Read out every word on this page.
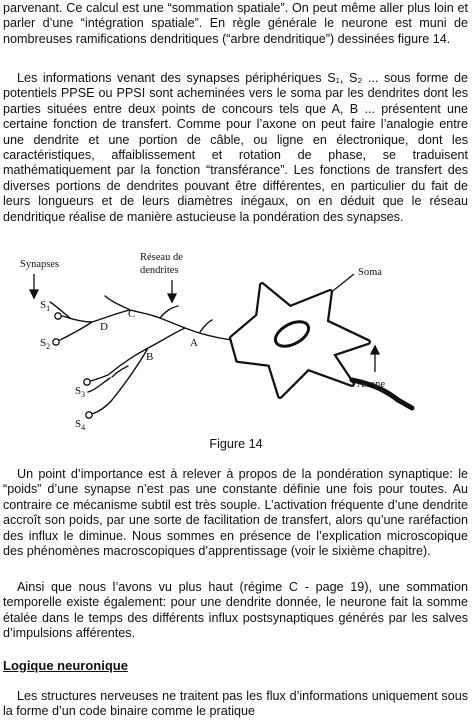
parvenant. Ce calcul est une “sommation spatiale”. On peut même aller plus loin et parler d’une “intégration spatiale”. En règle générale le neurone est muni de nombreuses ramifications dendritiques (“arbre dendritique”) dessinées figure 14.

Les informations venant des synapses périphériques S₁, S₂ ... sous forme de potentiels PPSE ou PPSI sont acheminées vers le soma par les dendrites dont les parties situées entre deux points de concours tels que A, B ... présentent une certaine fonction de transfert. Comme pour l’axone on peut faire l’analogie entre une dendrite et une portion de câble, ou ligne en électronique, dont les caractéristiques, affaiblissement et rotation de phase, se traduisent mathématiquement par la fonction “transférance”. Les fonctions de transfert des diverses portions de dendrites pouvant être différentes, en particulier du fait de leurs longueurs et de leurs diamètres inégaux, on en déduit que le réseau dendritique réalise de manière astucieuse la pondération des synapses.

Synapses
Réseau de
dendrites	Soma
Axone
$S_1$
$S_2$
$S_3$
$S_4$
A
B
C
D

Figure 14

Un point d’importance est à relever à propos de la pondération synaptique: le “poids” d’une synapse n’est pas une constante définie une fois pour toutes. Au contraire ce mécanisme subtil est très souple. L’activation fréquente d’une dendrite accroît son poids, par une sorte de facilitation de transfert, alors qu’une raréfaction des influx le diminue. Nous sommes en présence de l’explication microscopique des phénomènes macroscopiques d’apprentissage (voir le sixième chapitre).

Ainsi que nous l’avons vu plus haut (régime C - page 19), une sommation temporelle existe également: pour une dendrite donnée, le neurone fait la somme étalée dans le temps des différents influx postsynaptiques générés par les salves d’impulsions afférentes.

Logique neuronique

Les structures nerveuses ne traitent pas les flux d’informations uniquement sous la forme d’un code binaire comme le pratique
